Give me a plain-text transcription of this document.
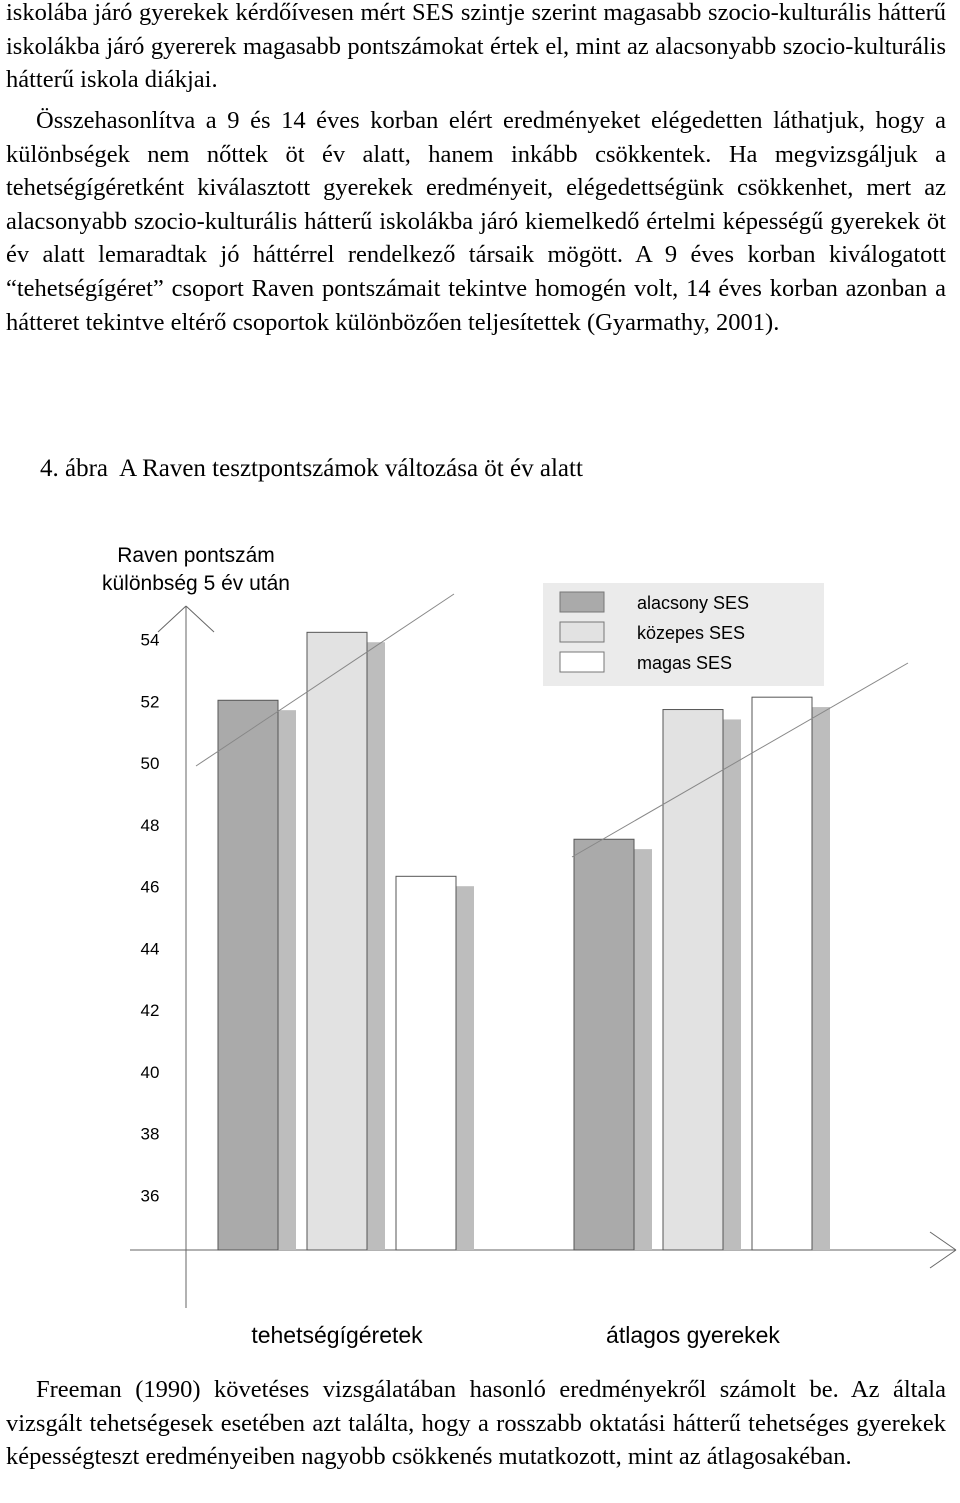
iskolába járó gyerekek kérdőívesen mért SES szintje szerint magasabb szocio-kulturális hátterű iskolákba járó gyererek magasabb pontszámokat értek el, mint az alacsonyabb szocio-kulturális hátterű iskola diákjai.

Összehasonlítva a 9 és 14 éves korban elért eredményeket elégedetten láthatjuk, hogy a különbségek nem nőttek öt év alatt, hanem inkább csökkentek. Ha megvizsgáljuk a tehetségígéretként kiválasztott gyerekek eredményeit, elégedettségünk csökkenhet, mert az alacsonyabb szocio-kulturális hátterű iskolákba járó kiemelkedő értelmi képességű gyerekek öt év alatt lemaradtak jó háttérrel rendelkező társaik mögött. A 9 éves korban kiválogatott “tehetségígéret” csoport Raven pontszámait tekintve homogén volt, 14 éves korban azonban a hátteret tekintve eltérő csoportok különbözően teljesítettek (Gyarmathy, 2001).

4. ábra  A Raven tesztpontszámok változása öt év alatt
Raven pontszám
különbség 5 év után
54
52
50
48
46
44
42
40
38
36
tehetségígéretek	átlagos gyerekek
alacsony SES
közepes SES
magas SES

Freeman (1990) követéses vizsgálatában hasonló eredményekről számolt be. Az általa vizsgált tehetségesek esetében azt találta, hogy a rosszabb oktatási hátterű tehetséges gyerekek képességteszt eredményeiben nagyobb csökkenés mutatkozott, mint az átlagosakéban.
